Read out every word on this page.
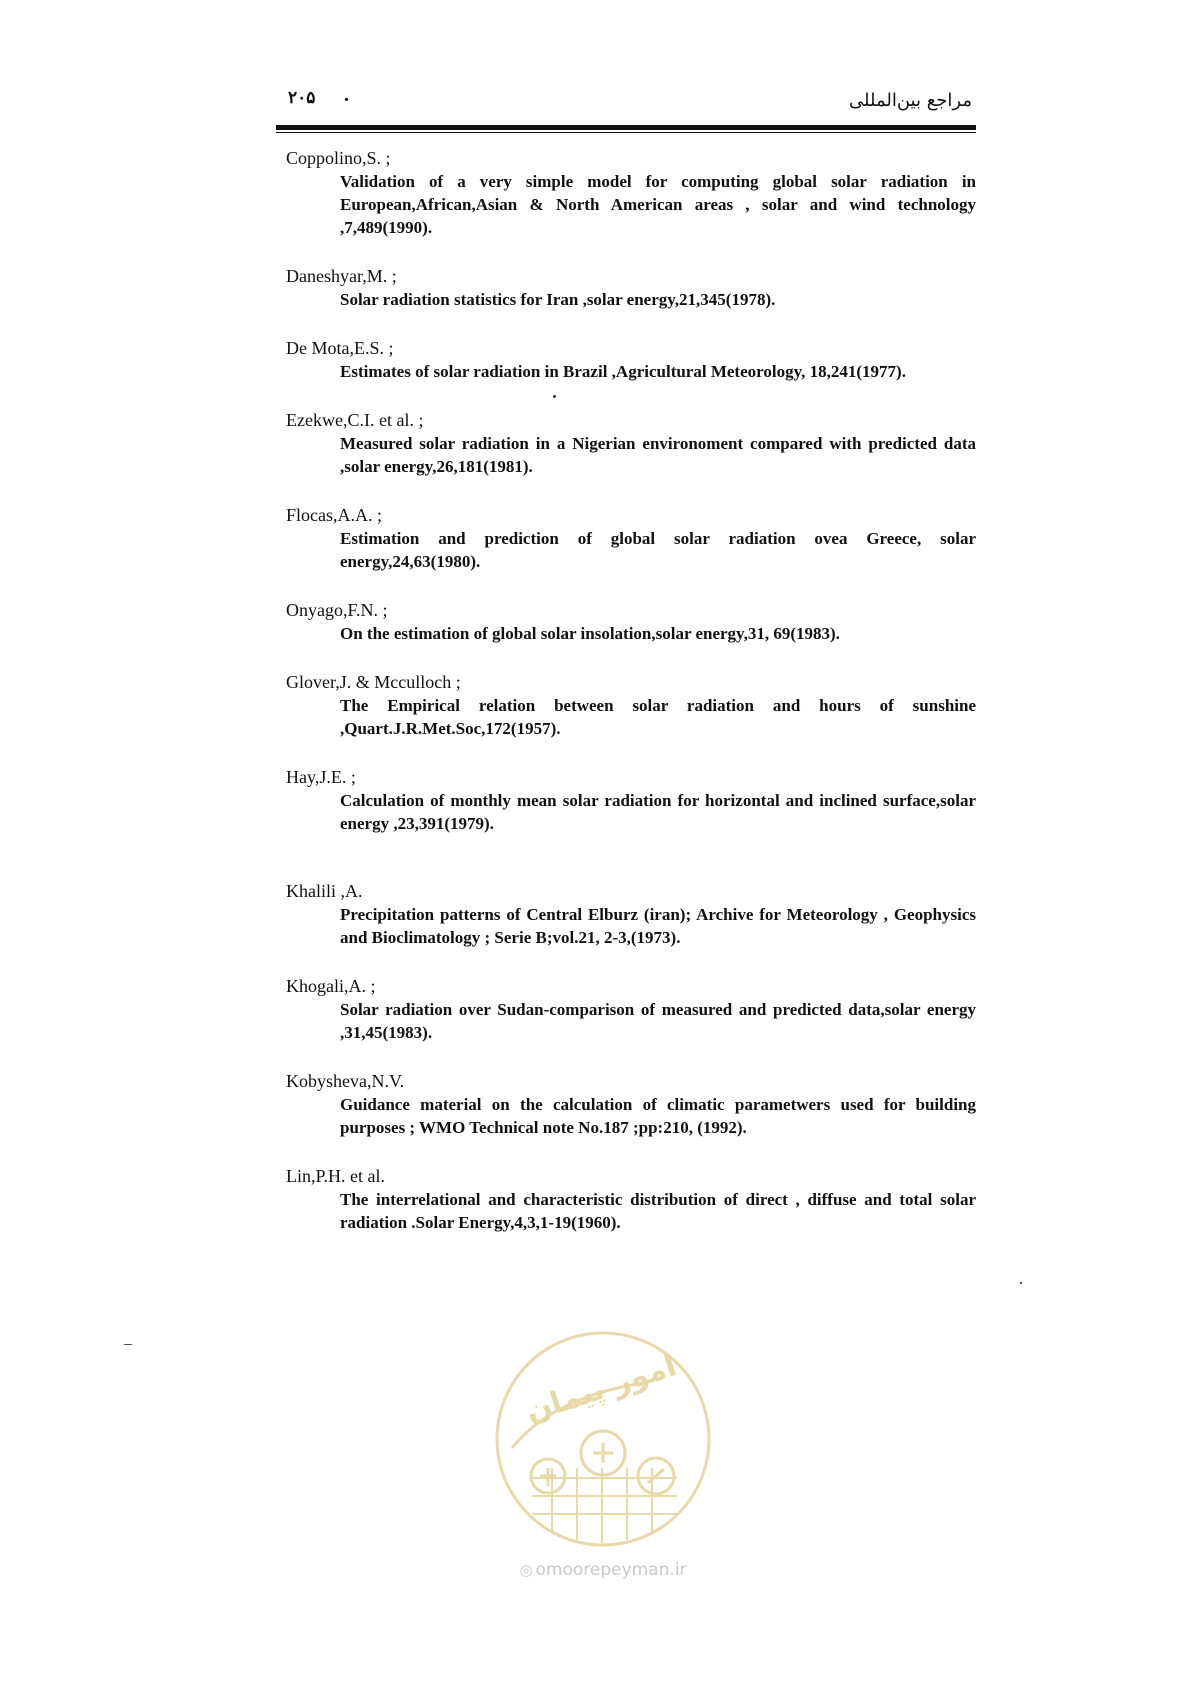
۲۰۵ .	مراجع بین‌المللی
Coppolino,S. ;
Validation of a very simple model for computing global solar radiation in European,African,Asian & North American areas , solar and wind technology ,7,489(1990).
Daneshyar,M. ;
Solar radiation statistics for Iran ,solar energy,21,345(1978).
De Mota,E.S. ;
Estimates of solar radiation in Brazil ,Agricultural Meteorology, 18,241(1977).
Ezekwe,C.I. et al. ;
Measured solar radiation in a Nigerian environoment compared with predicted data ,solar energy,26,181(1981).
Flocas,A.A. ;
Estimation and prediction of global solar radiation ovea Greece, solar energy,24,63(1980).
Onyago,F.N. ;
On the estimation of global solar insolation,solar energy,31, 69(1983).
Glover,J. & Mcculloch ;
The Empirical relation between solar radiation and hours of sunshine ,Quart.J.R.Met.Soc,172(1957).
Hay,J.E. ;
Calculation of monthly mean solar radiation for horizontal and inclined surface,solar energy ,23,391(1979).
Khalili ,A.
Precipitation patterns of Central Elburz (iran); Archive for Meteorology , Geophysics and Bioclimatology ; Serie B;vol.21, 2-3,(1973).
Khogali,A. ;
Solar radiation over Sudan-comparison of measured and predicted data,solar energy ,31,45(1983).
Kobysheva,N.V.
Guidance material on the calculation of climatic parametwers used for building purposes ; WMO Technical note No.187 ;pp:210, (1992).
Lin,P.H. et al.
The interrelational and characteristic distribution of direct , diffuse and total solar radiation .Solar Energy,4,3,1-19(1960).
امور پیمان
◎ omoorepeyman.ir
